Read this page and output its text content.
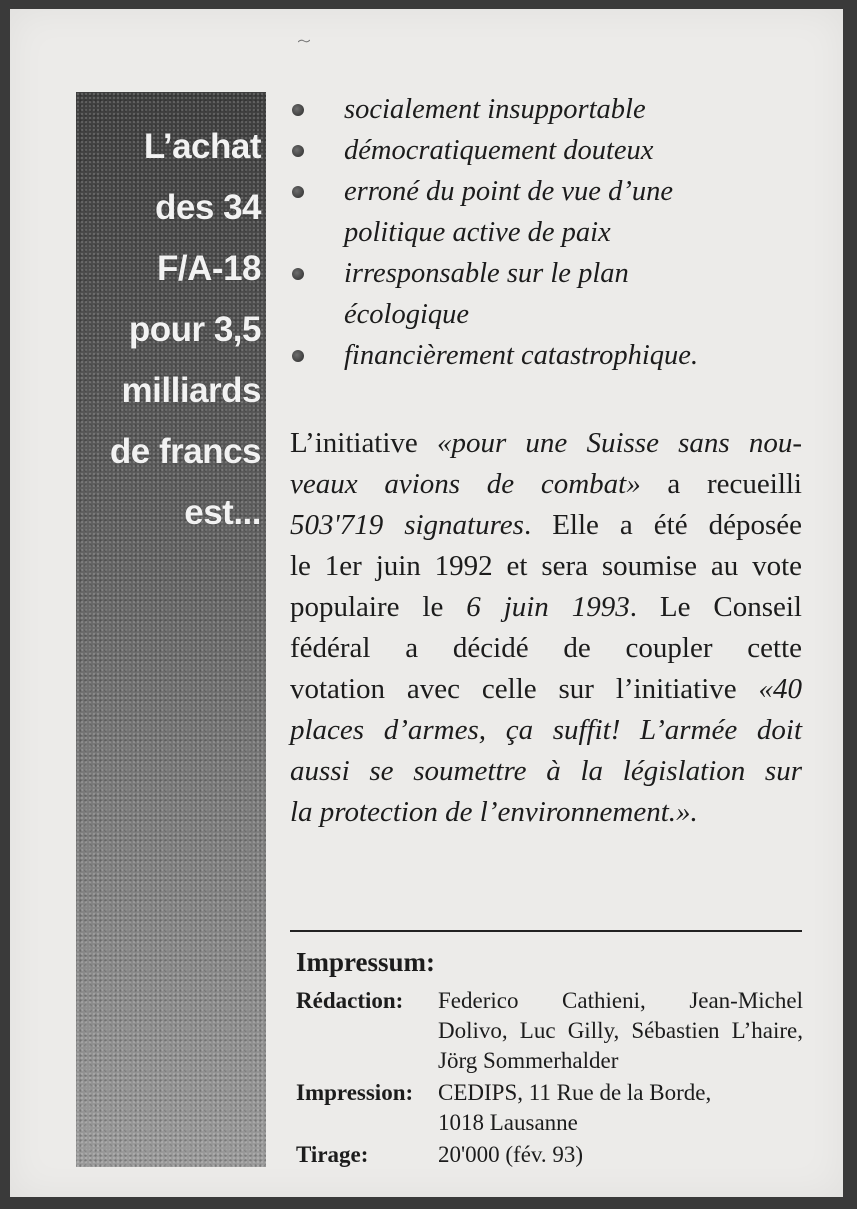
L’achat
des 34
F/A-18
pour 3,5
milliards
de francs
est...
socialement insupportable
démocratiquement douteux
erroné du point de vue d’une
politique active de paix
irresponsable sur le plan
écologique
financièrement catastrophique.

L’initiative «pour une Suisse sans nou-
veaux avions de combat» a recueilli
503'719 signatures. Elle a été déposée
le 1er juin 1992 et sera soumise au vote
populaire le 6 juin 1993. Le Conseil
fédéral a décidé de coupler cette
votation avec celle sur l’initiative «40
places d’armes, ça suffit! L’armée doit
aussi se soumettre à la législation sur
la protection de l’environnement.».

Impressum:
Rédaction: Federico Cathieni, Jean-Michel
Dolivo, Luc Gilly, Sébastien L’haire,
Jörg Sommerhalder
Impression: CEDIPS, 11 Rue de la Borde,
1018 Lausanne
Tirage:	20'000 (fév. 93)
